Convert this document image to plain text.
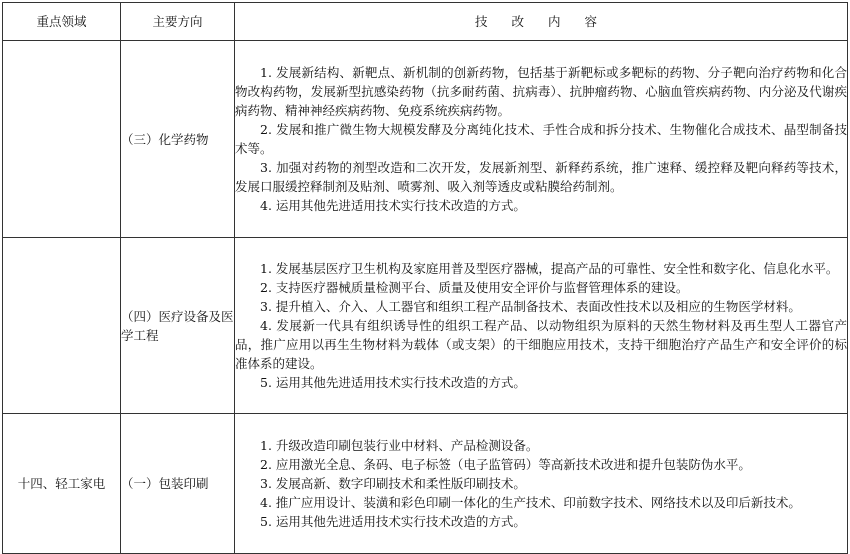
重点领域	主要方向	技 改 内 容
	（三）化学药物	1. 发展新结构、新靶点、新机制的创新药物，包括基于新靶标或多靶标的药物、分子靶向治疗药物和化合物改构药物，发展新型抗感染药物（抗多耐药菌、抗病毒）、抗肿瘤药物、心脑血管疾病药物、内分泌及代谢疾病药物、精神神经疾病药物、免疫系统疾病药物。

2. 发展和推广微生物大规模发酵及分离纯化技术、手性合成和拆分技术、生物催化合成技术、晶型制备技术等。

3. 加强对药物的剂型改造和二次开发，发展新剂型、新释药系统，推广速释、缓控释及靶向释药等技术，发展口服缓控释制剂及贴剂、喷雾剂、吸入剂等透皮或粘膜给药制剂。

4. 运用其他先进适用技术实行技术改造的方式。

	（四）医疗设备及医学工程	1. 发展基层医疗卫生机构及家庭用普及型医疗器械，提高产品的可靠性、安全性和数字化、信息化水平。

2. 支持医疗器械质量检测平台、质量及使用安全评价与监督管理体系的建设。

3. 提升植入、介入、人工器官和组织工程产品制备技术、表面改性技术以及相应的生物医学材料。

4. 发展新一代具有组织诱导性的组织工程产品、以动物组织为原料的天然生物材料及再生型人工器官产品，推广应用以再生生物材料为载体（或支架）的干细胞应用技术，支持干细胞治疗产品生产和安全评价的标准体系的建设。

5. 运用其他先进适用技术实行技术改造的方式。

十四、轻工家电	（一）包装印刷	1. 升级改造印刷包装行业中材料、产品检测设备。

2. 应用激光全息、条码、电子标签（电子监管码）等高新技术改进和提升包装防伪水平。

3. 发展高新、数字印刷技术和柔性版印刷技术。

4. 推广应用设计、装潢和彩色印刷一体化的生产技术、印前数字技术、网络技术以及印后新技术。

5. 运用其他先进适用技术实行技术改造的方式。
